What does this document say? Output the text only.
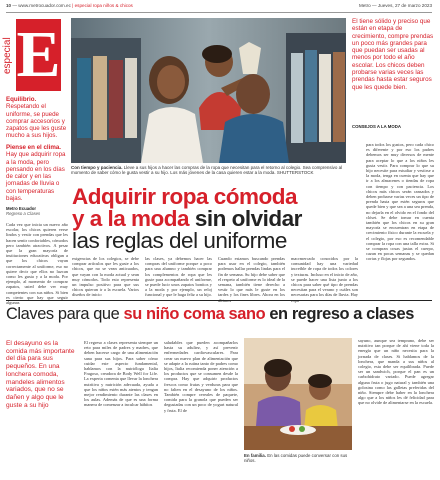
10 — www.metrocuador.com.ec | especial ropa niños & chicos	Metro — Jueves, 27 de marzo 2023
especial E
Equilibrio. Respetando el uniforme, se puede comprar accesorios y zapatos que les guste mucho a sus hijos.
Piense en el clima. Hay que adquirir ropa a la moda, pero pensando en los días de calor y en las jornadas de lluvia o con temperaturas bajas.
Metro Ecuador
Regreso a Clases
Cada vez que inicia un nuevo año escolar, los chicos quieren verse lindos y vestir con prendas que les hacen sentir confortables, cómodos pero también atractivos. A pesar que la gran mayoría de instituciones educativas obligan a que los chicos vayan correctamente al uniforme, eso no quiere decir que ellos no luzcan como les gusta y a la moda. Por ejemplo, al momento de comprar zapatos, usted debe ver muy competentes con sus niños. Si bien es cierto que hay que seguir algunas
Con tiempo y paciencia. Lleve a sus hijos a hacer las compras de la ropa que necesitan para el retorno al colegio. Sea comprensivo al momento de saber cómo le gusta vestir a su hijo. Los más jóvenes de la casa quieren estar a la moda. SHUTTERSTOCK
El tiene sólido y preciso que están en etapa de crecimiento, compre prendas un poco más grandes para que puedan ser usadas al menos por todo el año escolar. Los chicos deben probarse varias veces las prendas hasta estar seguros que les quede bien.
CONSEJOS A LA MODA
Adquirir ropa cómoda
y a la moda sin olvidar
las reglas del uniforme
exigencias de los colegios, se debe comprar artículos que les guste a los chicos, que no se vean anticuados, que vayan con la moda actual y sean muy cómodos. Todo esto representa un impulso positivo para que sus chicos quieran ir a la escuela. Varios diseños de inicio
las clases, ya debemos hacer las compras del uniforme porque a poco para una alumno y también comprar los complementos de ropa que les guste para acompañando el uniforme, se puede lucir unos zapatos bonitos y a la moda y por ejemplo, un reloj funcional y que le haga feliz a su hijo.
Cuando estamos buscando prendas para usar en el colegio, también podemos hallar prendas lindas para el fin de semana. Su hijo debe saber que el respeto al uniforme es lo ideal de la semana, también tiene derecho a vestir lo que más le guste en los tardes y los fines libres. Ahora en los últimos
macrmercado conocidos por la comunidad hay una variedad increíble de ropa de todos los colores y texturas. Incluso en el inicio de año, se puede hacer una lista junto a los chicos para saber qué tipo de prendas necesitan para el verano y cuáles son necesarias para los días de lluvia. Hay ropa
para todos los gustos, pero cada chico es diferente y por eso los padres debemos ser muy diversos de mente para aceptar lo que a los niños les gusta vestir. Para comprar lo que su hijo necesite para estudiar y vestirse a la moda, tenga en cuenta que hay que ir a los almacenes o tiendas de ropa con tiempo y con paciencia. Los chicos más chicos serán cansados y deben probarse varias veces un tipo de prenda hasta que estén seguros que quede bien y que sea a una sea prenda, no dejarla en el olvido en el fondo del clóset. Se debe tomar en cuenta también que los chicos en su gran mayoría se encuentran en etapa de crecimiento físico durante la escuela y el colegio, por eso es recomendable comprar la ropa con una talla extra. Si se compran cosas justas el cuerpo, cazan en pocas semanas y se quedan cortas y flojas por segundos.
Claves para que su niño coma sano en regreso a clases
El desayuno es la comida más importante del día para sus pequeños. En una lonchera comoda, mandeles alimentos variados, que no se dañen y algo que le guste a su hijo
El regreso a clases representa siempre un reto para miles de padres y madres, que deben hacerse cargo de una alimentación sana para sus hijos. Para saber cómo cuidar este aspecto fundamental, hablamos con la nutrióloga Italia Fragoso, creadora de Body Well for Life. La experta comenta que llevar la lonchera nutritiva y nutrición adecuada, ayuda a que los niños estén más atentos y tengan mejor rendimiento durante las clases en los aulas. Además de que es una forma manera de comenzar a inculcar hábitos
saludables que pueden acompañarlos hasta su adultez, y así prevenir enfermedades cardiovasculares. Para crear un nuevo plan de alimentación que se adapte a la rutina tanto de padres como hijos, Italia recomienda poner atención a los productos que se consumen desde la compra. Hay que adquirir productos frescos como frutas y verduras para que no falten en el desayuno de los niños. También compre cereales de paquete, comida para la granola que pueden ser degustadas con un poco de yogurt natural y fruta. El de
En familia. En las comidas puede conversar con sus niños.
sayuno, aunque sea temprano, debe ser nutritivo tan porque de ahí viene toda la energía que un niño necesita para la jornada de clases. Si hablamos de la lonchera, que manda a sus niños al colegio, esta debe ser equilibrada. Puede ser un sandwich, porque el pan es un carbohidrato variado. Puede agregar alguna fruta o jugo natural y también una golosina como las galletas preferidas del niño. Siempre debe haber en la lonchera algo que a los niños les dé felicidad para que no olvide de alimentarse en la escuela.
